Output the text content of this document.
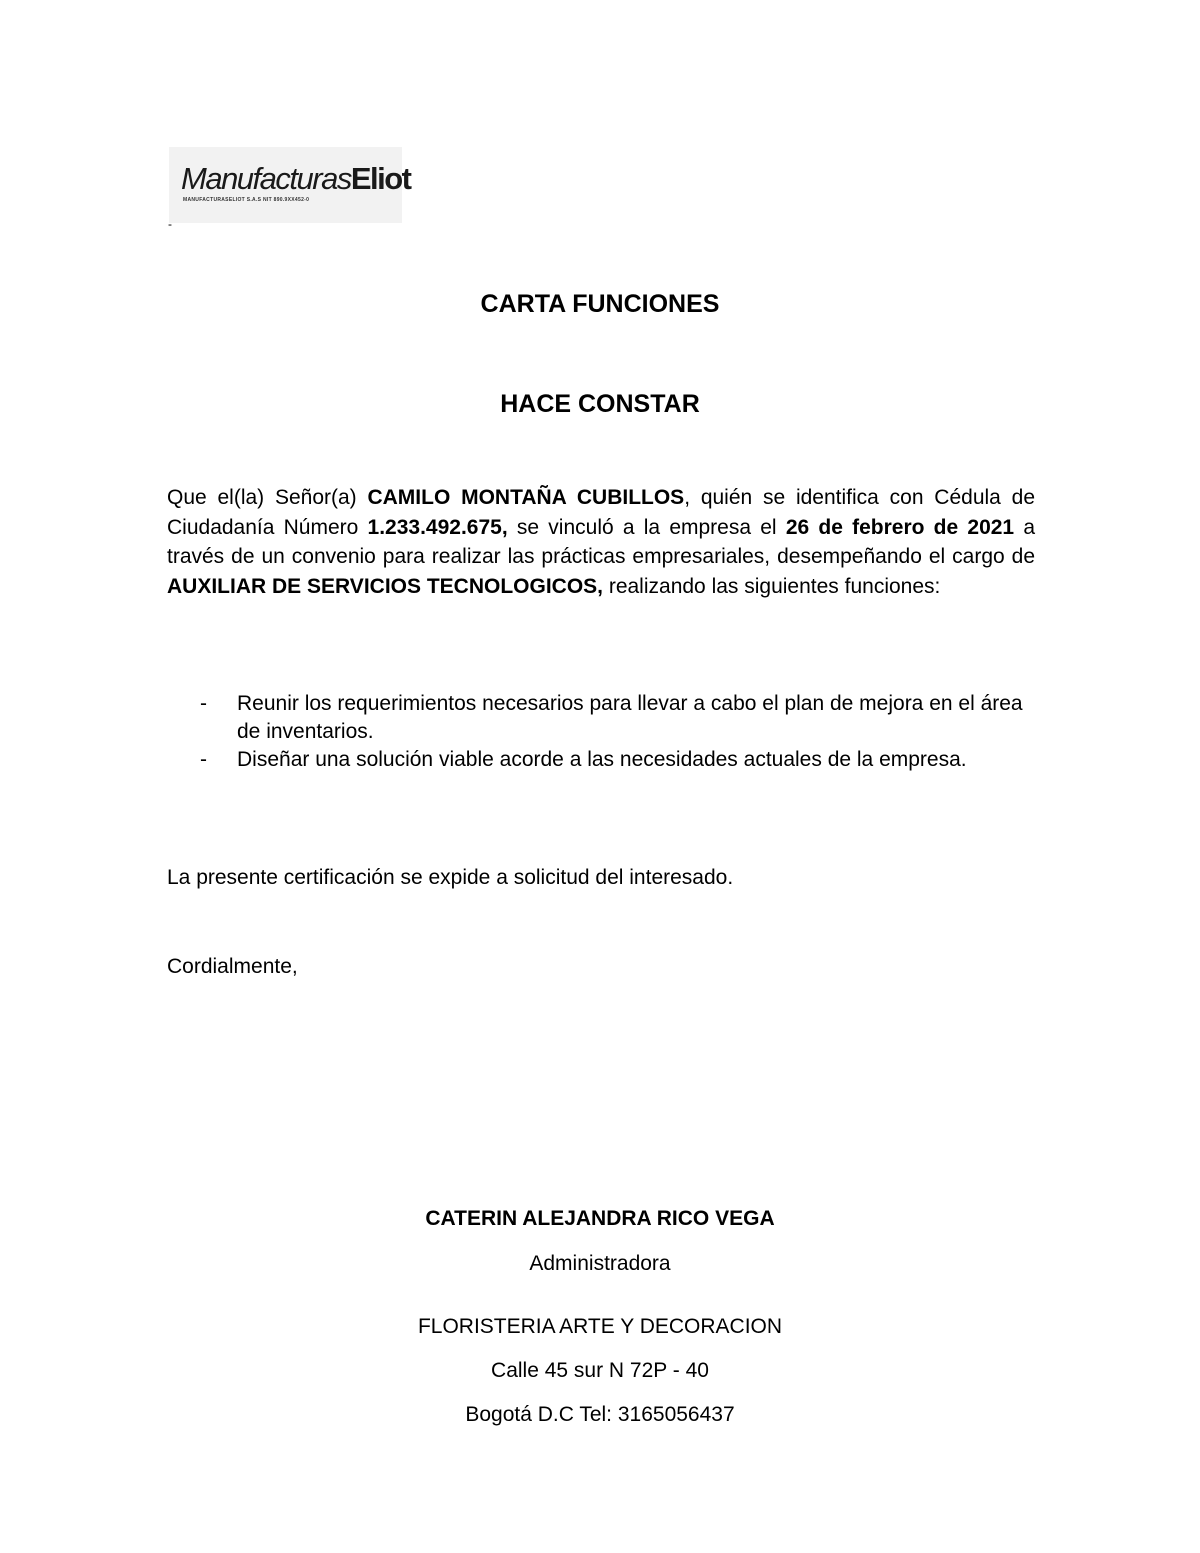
ManufacturasEliot
MANUFACTURASELIOT S.A.S NIT 890.9XX452-0
-
CARTA FUNCIONES
HACE CONSTAR
Que el(la) Señor(a) CAMILO MONTAÑA CUBILLOS, quién se identifica con Cédula de Ciudadanía Número 1.233.492.675, se vinculó a la empresa el 26 de febrero de 2021 a través de un convenio para realizar las prácticas empresariales, desempeñando el cargo de AUXILIAR DE SERVICIOS TECNOLOGICOS, realizando las siguientes funciones:
- Reunir los requerimientos necesarios para llevar a cabo el plan de mejora en el área de inventarios.
- Diseñar una solución viable acorde a las necesidades actuales de la empresa.
La presente certificación se expide a solicitud del interesado.
Cordialmente,
CATERIN ALEJANDRA RICO VEGA
Administradora
FLORISTERIA ARTE Y DECORACION
Calle 45 sur N 72P - 40
Bogotá D.C Tel: 3165056437
